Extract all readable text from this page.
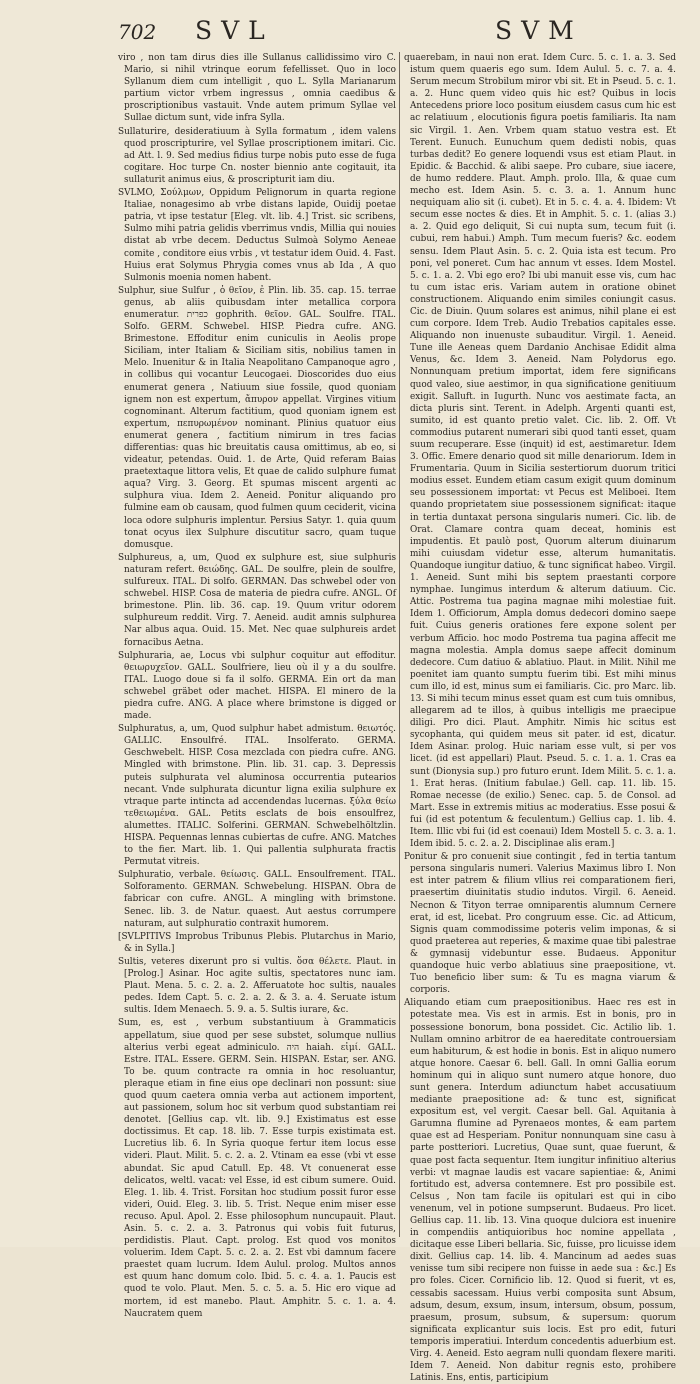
702 SVL	SVM

viro , non tam dirus dies ille Sullanus callidissimo viro C. Mario, si nihil vtrinque eorum fefellisset. Quo in loco Syllanum diem cum intelligit , quo L. Sylla Marianarum partium victor vrbem ingressus , omnia caedibus & proscriptionibus vastauit. Vnde autem primum Syllae vel Sullae dictum sunt, vide infra Sylla.

Sullaturire, desideratiuum à Sylla formatum , idem valens quod proscripturire, vel Syllae proscriptionem imitari. Cic. ad Att. l. 9. Sed medius fidius turpe nobis puto esse de fuga cogitare. Hoc turpe Cn. noster biennio ante cogitauit, ita sullaturit animus eius, & proscripturit iam diu.

SVLMO, Σούλμων, Oppidum Pelignorum in quarta regione Italiae, nonagesimo ab vrbe distans lapide, Ouidij poetae patria, vt ipse testatur [Eleg. vlt. lib. 4.] Trist. sic scribens, Sulmo mihi patria gelidis vberrimus vndis, Millia qui nouies distat ab vrbe decem. Deductus Sulmoà Solymo Aeneae comite , conditore eius vrbis , vt testatur idem Ouid. 4. Fast. Huius erat Solymus Phrygia comes vnus ab Ida , A quo Sulmonis moenia nomen habent.

Sulphur, siue Sulfur , ὁ θεῖον, ἐ Plin. lib. 35. cap. 15. terrae genus, ab aliis quibusdam inter metallica corpora enumeratur. כפרית gophrith. θεῖον. GAL. Soulfre. ITAL. Solfo. GERM. Schwebel. HISP. Piedra cufre. ANG. Brimestone. Effoditur enim cuniculis in Aeolis prope Siciliam, inter Italiam & Siciliam sitis, nobilius tamen in Melo. Inuenitur & in Italia Neapolitano Campanoque agro , in collibus qui vocantur Leucogaei. Dioscorides duo eius enumerat genera , Natiuum siue fossile, quod quoniam ignem non est expertum, ἄπυρον appellat. Virgines vitium cognominant. Alterum factitium, quod quoniam ignem est expertum, πεπυρωμένον nominant. Plinius quatuor eius enumerat genera , factitium nimirum in tres facias differentias: quas hic breuitatis causa omittimus, ab eo, si videatur, petendas. Ouid. 1. de Arte, Quid referam Baias praetextaque littora velis, Et quae de calido sulphure fumat aqua? Virg. 3. Georg. Et spumas miscent argenti ac sulphura viua. Idem 2. Aeneid. Ponitur aliquando pro fulmine eam ob causam, quod fulmen quum ceciderit, vicina loca odore sulphuris implentur. Persius Satyr. 1. quia quum tonat ocyus ilex Sulphure discutitur sacro, quam tuque domusque.

Sulphureus, a, um, Quod ex sulphure est, siue sulphuris naturam refert. θειώδης. GAL. De soulfre, plein de soulfre, sulfureux. ITAL. Di solfo. GERMAN. Das schwebel oder von schwebel. HISP. Cosa de materia de piedra cufre. ANGL. Of brimestone. Plin. lib. 36. cap. 19. Quum vritur odorem sulphureum reddit. Virg. 7. Aeneid. audit amnis sulphurea Nar albus aqua. Ouid. 15. Met. Nec quae sulphureis ardet fornacibus Aetna.

Sulphuraria, ae, Locus vbi sulphur coquitur aut effoditur. θειωρυχεῖον. GALL. Soulfriere, lieu où il y a du soulfre. ITAL. Luogo doue si fa il solfo. GERMA. Ein ort da man schwebel gräbet oder machet. HISPA. El minero de la piedra cufre. ANG. A place where brimstone is digged or made.

Sulphuratus, a, um, Quod sulphur habet admistum. θειωτός. GALLIC. Ensoulfré. ITAL. Insolferato. GERMA. Geschwebelt. HISP. Cosa mezclada con piedra cufre. ANG. Mingled with brimstone. Plin. lib. 31. cap. 3. Depressis puteis sulphurata vel aluminosa occurrentia putearios necant. Vnde sulphurata dicuntur ligna exilia sulphure ex vtraque parte intincta ad accendendas lucernas. ξύλα θείω τεθειωμένα. GAL. Petits esclats de bois ensoulfrez, alumettes. ITALIC. Solferini. GERMAN. Schwebelhöltzlin. HISPA. Pequennas lennas cubiertas de cufre. ANG. Matches to the fier. Mart. lib. 1. Qui pallentia sulphurata fractis Permutat vitreis.

Sulphuratio, verbale. θείωσις. GALL. Ensoulfrement. ITAL. Solforamento. GERMAN. Schwebelung. HISPAN. Obra de fabricar con cufre. ANGL. A mingling with brimstone. Senec. lib. 3. de Natur. quaest. Aut aestus corrumpere naturam, aut sulphuratio contraxit humorem.

[SVLPITIVS Improbus Tribunus Plebis. Plutarchus in Mario, & in Sylla.]

Sultis, veteres dixerunt pro si vultis. ὅσα θέλετε. Plaut. in [Prolog.] Asinar. Hoc agite sultis, spectatores nunc iam. Plaut. Mena. 5. c. 2. a. 2. Afferuatote hoc sultis, nauales pedes. Idem Capt. 5. c. 2. a. 2. & 3. a. 4. Seruate istum sultis. Idem Menaech. 5. 9. a. 5. Sultis iurare, &c.

Sum, es, est , verbum substantiuum à Grammaticis appellatum, siue quod per sese substet, solumque nullius alterius verbi egeat adminiculo. היה haiah. εἰμί. GALL. Estre. ITAL. Essere. GERM. Sein. HISPAN. Estar, ser. ANG. To be. quum contracte ra omnia in hoc resoluantur, pleraque etiam in fine eius ope declinari non possunt: siue quod quum caetera omnia verba aut actionem importent, aut passionem, solum hoc sit verbum quod substantiam rei denotet. [Gellius cap. vlt. lib. 9.] Existimatus est esse doctissimus. Et cap. 18. lib. 7. Esse turpis existimata est. Lucretius lib. 6. In Syria quoque fertur item locus esse videri. Plaut. Milit. 5. c. 2. a. 2. Vtinam ea esse (vbi vt esse abundat. Sic apud Catull. Ep. 48. Vt conuenerat esse delicatos, weltl. vacat: vel Esse, id est cibum sumere. Ouid. Eleg. 1. lib. 4. Trist. Forsitan hoc studium possit furor esse videri, Ouid. Eleg. 3. lib. 5. Trist. Neque enim miser esse recuso. Apul. Apol. 2. Esse philosophum nuncupauit. Plaut. Asin. 5. c. 2. a. 3. Patronus qui vobis fuit futurus, perdidistis. Plaut. Capt. prolog. Est quod vos monitos voluerim. Idem Capt. 5. c. 2. a. 2. Est vbi damnum facere praestet quam lucrum. Idem Aulul. prolog. Multos annos est quum hanc domum colo. Ibid. 5. c. 4. a. 1. Paucis est quod te volo. Plaut. Men. 5. c. 5. a. 5. Hic ero vique ad mortem, id est manebo. Plaut. Amphitr. 5. c. 1. a. 4. Naucratem quem

quaerebam, in naui non erat. Idem Curc. 5. c. 1. a. 3. Sed istum quem quaeris ego sum. Idem Aulul. 5. c. 7. a. 4. Serum mecum Strobilum miror vbi sit. Et in Pseud. 5. c. 1. a. 2. Hunc quem video quis hic est? Quibus in locis Antecedens priore loco positum eiusdem casus cum hic est ac relatiuum , elocutionis figura poetis familiaris. Ita nam sic Virgil. 1. Aen. Vrbem quam statuo vestra est. Et Terent. Eunuch. Eunuchum quem dedisti nobis, quas turbas dedit? Eo genere loquendi vsus est etiam Plaut. in Epidic. & Bacchid. & alibi saepe. Pro cubare, siue iacere, de humo reddere. Plaut. Amph. prolo. Illa, & quae cum mecho est. Idem Asin. 5. c. 3. a. 1. Annum hunc nequiquam alio sit (i. cubet). Et in 5. c. 4. a. 4. Ibidem: Vt secum esse noctes & dies. Et in Amphit. 5. c. 1. (alias 3.) a. 2. Quid ego deliquit, Si cui nupta sum, tecum fuit (i. cubui, rem habui.) Amph. Tum mecum fueris? &c. eodem sensu. Idem Plaut Asin. 5. c. 2. Quia ista est tecum. Pro poni, vel poneret. Cum hac annum vt esses. Idem Mostel. 5. c. 1. a. 2. Vbi ego ero? Ibi ubi manuit esse vis, cum hac tu cum istac eris. Variam autem in oratione obinet constructionem. Aliquando enim similes coniungit casus. Cic. de Diuin. Quum solares est animus, nihil plane ei est cum corpore. Idem Treb. Audio Trebatios capitales esse. Aliquando non inuenuste subauditur. Virgil. 1. Aeneid. Tune ille Aeneas quem Dardanio Anchisae Edidit alma Venus, &c. Idem 3. Aeneid. Nam Polydorus ego. Nonnunquam pretium importat, idem fere significans quod valeo, siue aestimor, in qua significatione genitiuum exigit. Salluft. in Iugurth. Nunc vos aestimate facta, an dicta pluris sint. Terent. in Adelph. Argenti quanti est, sumito, id est quanto pretio valet. Cic. lib. 2. Off. Vt commodius putarent numerari sibi quod tanti esset, quam suum recuperare. Esse (inquit) id est, aestimaretur. Idem 3. Offic. Emere denario quod sit mille denariorum. Idem in Frumentaria. Quum in Sicilia sestertiorum duorum tritici modius esset. Eundem etiam casum exigit quum dominum seu possessionem importat: vt Pecus est Meliboei. Item quando proprietatem siue possessionem significat: itaque in tertia duntaxat persona singularis numeri. Cic. lib. de Orat. Clamare contra quam deceat, hominis est impudentis. Et paulò post, Quorum alterum diuinarum mihi cuiusdam videtur esse, alterum humanitatis. Quandoque iungitur datiuo, & tunc significat habeo. Virgil. 1. Aeneid. Sunt mihi bis septem praestanti corpore nymphae. Iungimus interdum & alterum datiuum. Cic. Attic. Postrema tua pagina magnae mihi molestiae fuit. Idem 1. Officiorum, Ampla domus dedecori domino saepe fuit. Cuius generis orationes fere expone solent per verbum Afficio. hoc modo Postrema tua pagina affecit me magna molestia. Ampla domus saepe affecit dominum dedecore. Cum datiuo & ablatiuo. Plaut. in Milit. Nihil me poenitet iam quanto sumptu fuerim tibi. Est mihi minus cum illo, id est, minus sum ei familiaris. Cic. pro Marc. lib. 13. Si mihi tecum minus esset quam est cum tuis omnibus, allegarem ad te illos, à quibus intelligis me praecipue diligi. Pro dici. Plaut. Amphitr. Nimis hic scitus est sycophanta, qui quidem meus sit pater. id est, dicatur. Idem Asinar. prolog. Huic nariam esse vult, si per vos licet. (id est appellari) Plaut. Pseud. 5. c. 1. a. 1. Cras ea sunt (Dionysia sup.) pro futuro erunt. Idem Milit. 5. c. 1. a. 1. Erat heras. (Initium fabulae.) Gell. cap. 11. lib. 15. Romae necesse (de exilio.) Senec. cap. 5. de Consol. ad Mart. Esse in extremis mitius ac moderatius. Esse posui & fui (id est potentum & feculentum.) Gellius cap. 1. lib. 4. Item. Illic vbi fui (id est coenaui) Idem Mostell 5. c. 3. a. 1. Idem ibid. 5. c. 2. a. 2. Disciplinae alis eram.]

Ponitur & pro conuenit siue contingit , fed in tertia tantum persona singularis numeri. Valerius Maximus libro I. Non est inter patrem & filium vllius rei comparationem fieri, praesertim diuinitatis studio indutos. Virgil. 6. Aeneid. Necnon & Tityon terrae omniparentis alumnum Cernere erat, id est, licebat. Pro congruum esse. Cic. ad Atticum, Signis quam commodissime poteris velim imponas, & si quod praeterea aut reperies, & maxime quae tibi palestrae & gymnasij videbuntur esse. Budaeus. Apponitur quandoque huic verbo ablatiuus sine praepositione, vt. Tuo beneficio liber sum: & Tu es magna viarum & corporis.

Aliquando etiam cum praepositionibus. Haec res est in potestate mea. Vis est in armis. Est in bonis, pro in possessione bonorum, bona possidet. Cic. Actilio lib. 1. Nullam omnino arbitror de ea haereditate controuersiam eum habiturum, & est hodie in bonis. Est in aliquo numero atque honore. Caesar 6. bell. Gall. In omni Gallia eorum hominum qui in aliquo sunt numero atque honore, duo sunt genera. Interdum adiunctum habet accusatiuum mediante praepositione ad: & tunc est, significat expositum est, vel vergit. Caesar bell. Gal. Aquitania à Garumna flumine ad Pyrenaeos montes, & eam partem quae est ad Hesperiam. Ponitur nonnunquam sine casu à parte postteriori. Lucretius, Quae sunt, quae fuerunt, & quae post facta sequentur. Item iungitur infinitiuo alterius verbi: vt magnae laudis est vacare sapientiae: &, Animi fortitudo est, adversa contemnere. Est pro possibile est. Celsus , Non tam facile iis opitulari est qui in cibo venenum, vel in potione sumpserunt. Budaeus. Pro licet. Gellius cap. 11. lib. 13. Vina quoque dulciora est inuenire in compendiis antiquioribus hoc nomine appellata , dicitaque esse Liberi bellaria. Sic, fuisse, pro licuisse idem dixit. Gellius cap. 14. lib. 4. Mancinum ad aedes suas venisse tum sibi recipere non fuisse in aede sua : &c.] Es pro foles. Cicer. Cornificio lib. 12. Quod si fuerit, vt es, cessabis sacessam. Huius verbi composita sunt Absum, adsum, desum, exsum, insum, intersum, obsum, possum, praesum, prosum, subsum, & supersum: quorum significata explicantur suis locis. Est pro edit, futuri temporis imperatiui. Interdum concedentis aduerbium est. Virg. 4. Aeneid. Esto aegram nulli quondam flexere mariti. Idem 7. Aeneid. Non dabitur regnis esto, prohibere Latinis. Ens, entis, participium
